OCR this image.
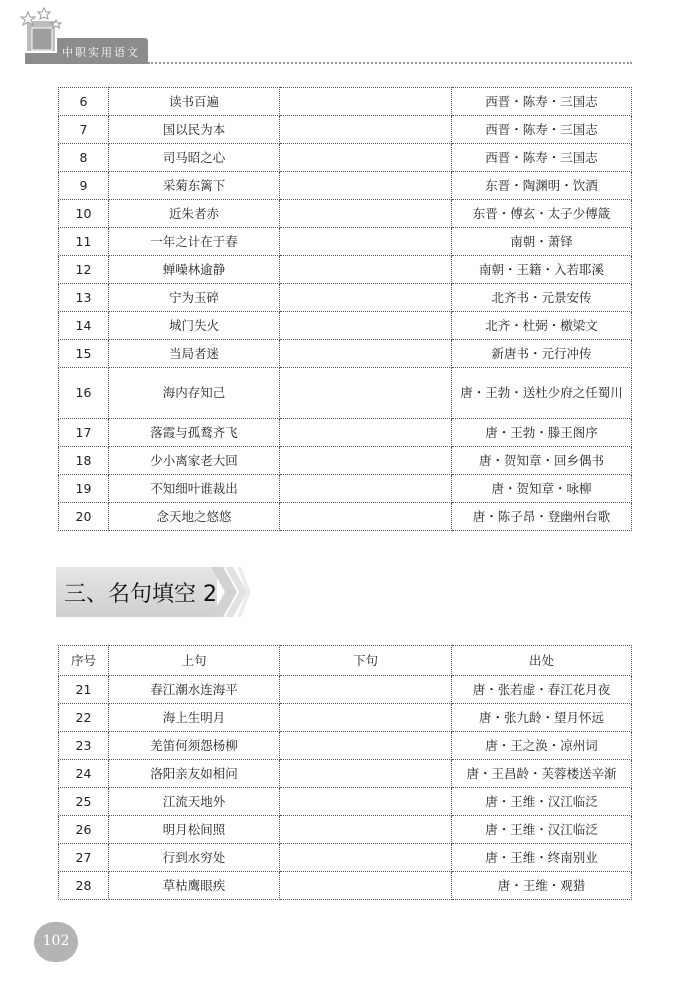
中职实用语文
6	读书百遍		西晋・陈寿・三国志
7	国以民为本		西晋・陈寿・三国志
8	司马昭之心		西晋・陈寿・三国志
9	采菊东篱下		东晋・陶渊明・饮酒
10	近朱者赤		东晋・傅玄・太子少傅箴
11	一年之计在于春		南朝・萧铎
12	蝉噪林逾静		南朝・王籍・入若耶溪
13	宁为玉碎		北齐书・元景安传
14	城门失火		北齐・杜弼・檄梁文
15	当局者迷		新唐书・元行冲传
16	海内存知己		唐・王勃・送杜少府之任蜀川
17	落霞与孤鹜齐飞		唐・王勃・滕王阁序
18	少小离家老大回		唐・贺知章・回乡偶书
19	不知细叶谁裁出		唐・贺知章・咏柳
20	念天地之悠悠		唐・陈子昂・登幽州台歌
三、名句填空 2
序号	上句	下句	出处
21	春江潮水连海平		唐・张若虚・春江花月夜
22	海上生明月		唐・张九龄・望月怀远
23	羌笛何须怨杨柳		唐・王之涣・凉州词
24	洛阳亲友如相问		唐・王昌龄・芙蓉楼送辛渐
25	江流天地外		唐・王维・汉江临泛
26	明月松间照		唐・王维・汉江临泛
27	行到水穷处		唐・王维・终南别业
28	草枯鹰眼疾		唐・王维・观猎
102
